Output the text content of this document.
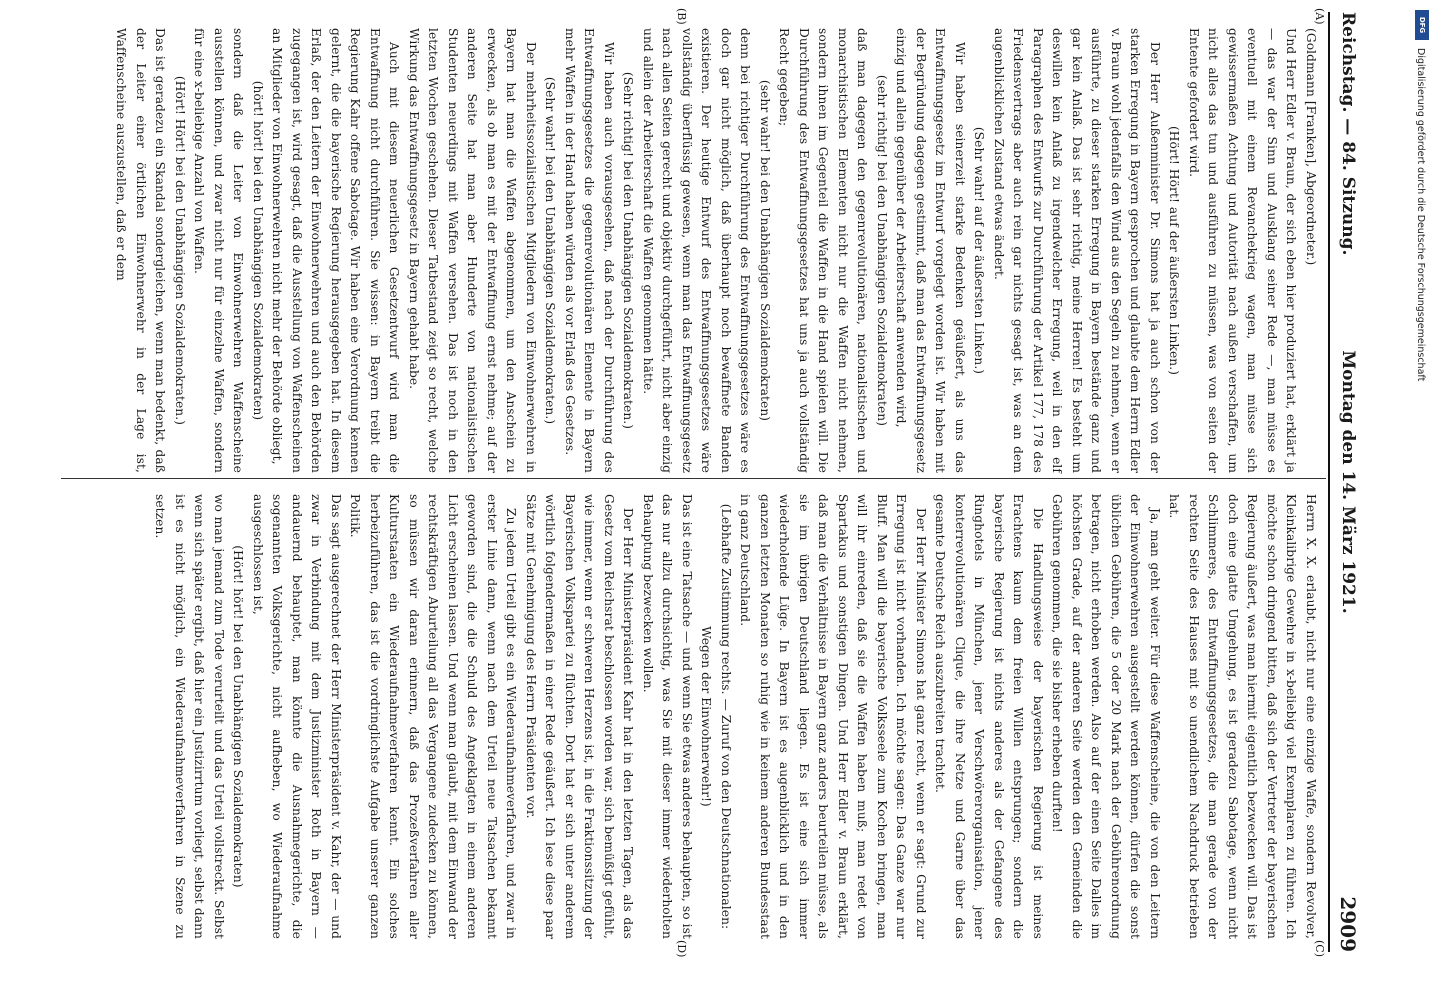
Reichstag. — 84. Sitzung.
Montag den 14. März 1921.
2909
(A)
(B)
(C)
(D)

(Goldmann [Franken], Abgeordneter.)

Und Herr Edler v. Braun, der sich eben hier produziert hat, erklärt ja — das war der Sinn und Ausklang seiner Rede —, man müsse es eventuell mit einem Revanchekrieg wagen, man müsse sich gewissermaßen Achtung und Autorität nach außen verschaffen, um nicht alles das tun und ausführen zu müssen, was von seiten der Entente gefordert wird.

(Hört! Hört! auf der äußersten Linken.)

Der Herr Außenminister Dr. Simons hat ja auch schon von der starken Erregung in Bayern gesprochen und glaubte dem Herrn Edler v. Braun wohl jedenfalls den Wind aus den Segeln zu nehmen, wenn er ausführte, zu dieser starken Erregung in Bayern bestände ganz und gar kein Anlaß. Das ist sehr richtig, meine Herren! Es besteht um deswillen kein Anlaß zu irgendwelcher Erregung, weil in den elf Paragraphen des Entwurfs zur Durchführung der Artikel 177, 178 des Friedensvertrags aber auch rein gar nichts gesagt ist, was an dem augenblicklichen Zustand etwas ändert.

(Sehr wahr! auf der äußersten Linken.)

Wir haben seinerzeit starke Bedenken geäußert, als uns das Entwaffnungsgesetz im Entwurf vorgelegt worden ist. Wir haben mit der Begründung dagegen gestimmt, daß man das Entwaffnungsgesetz einzig und allein gegenüber der Arbeiterschaft anwenden wird,

(sehr richtig! bei den Unabhängigen Sozialdemokraten)

daß man dagegen den gegenrevolutionären, nationalistischen und monarchistischen Elementen nicht nur die Waffen nicht nehmen, sondern ihnen im Gegenteil die Waffen in die Hand spielen will. Die Durchführung des Entwaffnungsgesetzes hat uns ja auch vollständig Recht gegeben;

(sehr wahr! bei den Unabhängigen Sozialdemokraten)

denn bei richtiger Durchführung des Entwaffnungsgesetzes wäre es doch gar nicht möglich, daß überhaupt noch bewaffnete Banden existieren. Der heutige Entwurf des Entwaffnungsgesetzes wäre vollständig überflüssig gewesen, wenn man das Entwaffnungsgesetz nach allen Seiten gerecht und objektiv durchgeführt, nicht aber einzig und allein der Arbeiterschaft die Waffen genommen hätte.

(Sehr richtig! bei den Unabhängigen Sozialdemokraten.)

Wir haben auch vorausgesehen, daß nach der Durchführung des Entwaffnungsgesetzes die gegenrevolutionären Elemente in Bayern mehr Waffen in der Hand haben würden als vor Erlaß des Gesetzes.

(Sehr wahr! bei den Unabhängigen Sozialdemokraten.)

Der mehrheitssozialistischen Mitgliedern von Einwohnerwehren in Bayern hat man die Waffen abgenommen, um den Anschein zu erwecken, als ob man es mit der Entwaffnung ernst nehme; auf der anderen Seite hat man aber Hunderte von nationalistischen Studenten neuerdings mit Waffen versehen. Das ist noch in den letzten Wochen geschehen. Dieser Tatbestand zeigt so recht, welche Wirkung das Entwaffnungsgesetz in Bayern gehabt habe.

Auch mit diesem neuerlichen Gesetzentwurf wird man die Entwaffnung nicht durchführen. Sie wissen: in Bayern treibt die Regierung Kahr offene Sabotage. Wir haben eine Verordnung kennen gelernt, die die bayerische Regierung herausgegeben hat. In diesem Erlaß, der den Leitern der Einwohnerwehren und auch den Behörden zugegangen ist, wird gesagt, daß die Ausstellung von Waffenscheinen an Mitglieder von Einwohnerwehren nicht mehr der Behörde obliegt,

(hört! hört! bei den Unabhängigen Sozialdemokraten)

sondern daß die Leiter von Einwohnerwehren Waffenscheine ausstellen können, und zwar nicht nur für einzelne Waffen, sondern für eine x-beliebige Anzahl von Waffen.

(Hört! Hört! bei den Unabhängigen Sozialdemokraten.)

Das ist geradezu ein Skandal sondergleichen, wenn man bedenkt, daß der Leiter einer örtlichen Einwohnerwehr in der Lage ist, Waffenscheine auszustellen, daß er dem

Herrn X. X. erlaubt, nicht nur eine einzige Waffe, sondern Revolver, Kleinkalibrige Gewehre in x-beliebig viel Exemplaren zu führen. Ich möchte schon dringend bitten, daß sich der Vertreter der bayerischen Regierung äußert, was man hiermit eigentlich bezwecken will. Das ist doch eine glatte Umgehung, es ist geradezu Sabotage, wenn nicht Schlimmeres, des Entwaffnungsgesetzes, die man gerade von der rechten Seite des Hauses mit so unendlichem Nachdruck betrieben hat.

Ja, man geht weiter. Für diese Waffenscheine, die von den Leitern der Einwohnerwehren ausgestellt werden können, dürfen die sonst üblichen Gebühren, die 5 oder 20 Mark nach der Gebührenordnung betragen, nicht erhoben werden. Also auf der einen Seite Dalles im höchsten Grade, auf der anderen Seite werden den Gemeinden die Gebühren genommen, die sie bisher erheben durften!

Die Handlungsweise der bayerischen Regierung ist meines Erachtens kaum dem freien Willen entsprungen; sondern die bayerische Regierung ist nichts anderes als der Gefangene des Ringhotels in München, jener Verschwörerorganisation, jener konterrevolutionären Clique, die ihre Netze und Garne über das gesamte Deutsche Reich auszubreiten trachtet.

Der Herr Minister Simons hat ganz recht, wenn er sagt: Grund zur Erregung ist nicht vorhanden. Ich möchte sagen: Das Ganze war nur Bluff. Man will die bayerische Volksseele zum Kochen bringen, man will ihr einreden, daß sie die Waffen haben muß; man redet von Spartakus und sonstigen Dingen. Und Herr Edler v. Braun erklärt, daß man die Verhältnisse in Bayern ganz anders beurteilen müsse, als sie im übrigen Deutschland liegen. Es ist eine sich immer wiederholende Lüge. In Bayern ist es augenblicklich und in den ganzen letzten Monaten so ruhig wie in keinem anderen Bundesstaat in ganz Deutschland.

(Lebhafte Zustimmung rechts. — Zuruf von den Deutschnationalen: Wegen der Einwohnerwehr!)

Das ist eine Tatsache — und wenn Sie etwas anderes behaupten, so ist das nur allzu durchsichtig, was Sie mit dieser immer wiederholten Behauptung bezwecken wollen.

Der Herr Ministerpräsident Kahr hat in den letzten Tagen, als das Gesetz vom Reichsrat beschlossen worden war, sich bemüßigt gefühlt, wie immer, wenn er schweren Herzens ist, in die Fraktionssitzung der Bayerischen Volkspartei zu flüchten. Dort hat er sich unter anderem wörtlich folgendermaßen in einer Rede geäußert. Ich lese diese paar Sätze mit Genehmigung des Herrn Präsidenten vor.

Zu jedem Urteil gibt es ein Wiederaufnahmeverfahren, und zwar in erster Linie dann, wenn nach dem Urteil neue Tatsachen bekannt geworden sind, die die Schuld des Angeklagten in einem anderen Licht erscheinen lassen. Und wenn man glaubt, mit dem Einwand der rechtskräftigen Aburteilung all das Vergangene zudecken zu können, so müssen wir daran erinnern, daß das Prozeßverfahren aller Kulturstaaten ein Wiederaufnahmeverfahren kennt. Ein solches herbeizuführen, das ist die vordringlichste Aufgabe unserer ganzen Politik.

Das sagt ausgerechnet der Herr Ministerpräsident v. Kahr, der — und zwar in Verbindung mit dem Justizminister Roth in Bayern — andauernd behauptet, man könnte die Ausnahmegerichte, die sogenannten Volksgerichte, nicht aufheben, wo Wiederaufnahme ausgeschlossen ist,

(Hört! hört! bei den Unabhängigen Sozialdemokraten)

wo man jemand zum Tode verurteilt und das Urteil vollstreckt. Selbst wenn sich später ergibt, daß hier ein Justizirrtum vorliegt, selbst dann ist es nicht möglich, ein Wiederaufnahmeverfahren in Szene zu setzen.

DFG
Digitalisierung gefördert durch die Deutsche Forschungsgemeinschaft
